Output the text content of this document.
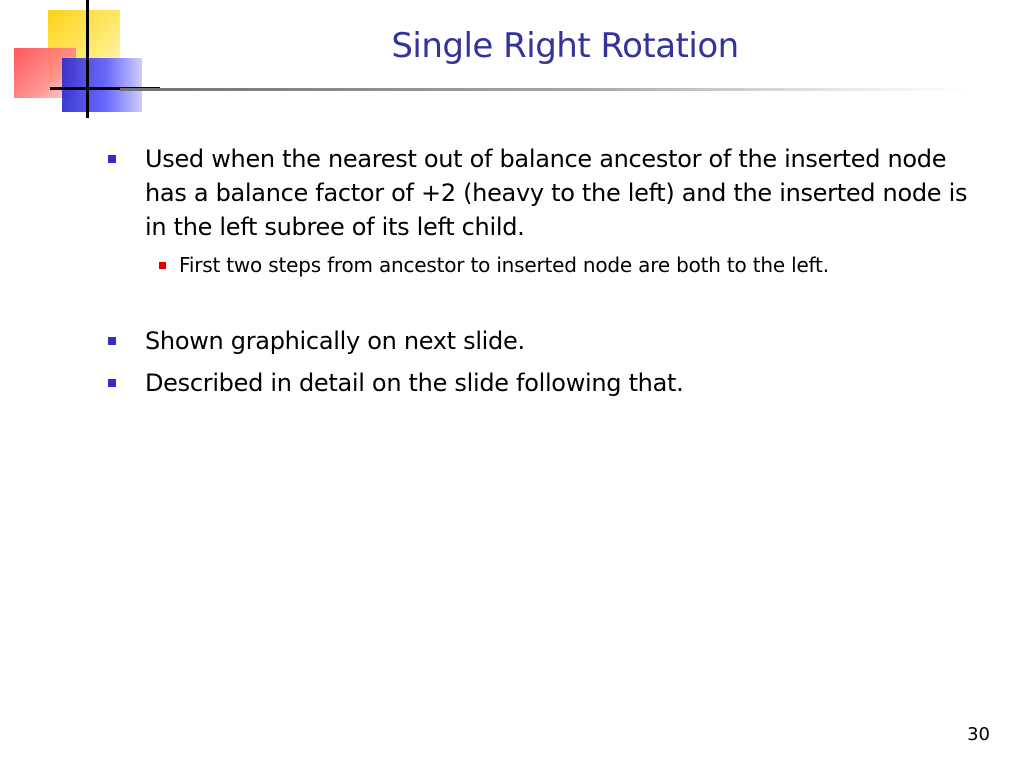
Single Right Rotation
Used when the nearest out of balance ancestor of the inserted node has a balance factor of +2 (heavy to the left) and the inserted node is in the left subree of its left child.
First two steps from ancestor to inserted node are both to the left.
Shown graphically on next slide.
Described in detail on the slide following that.
30
